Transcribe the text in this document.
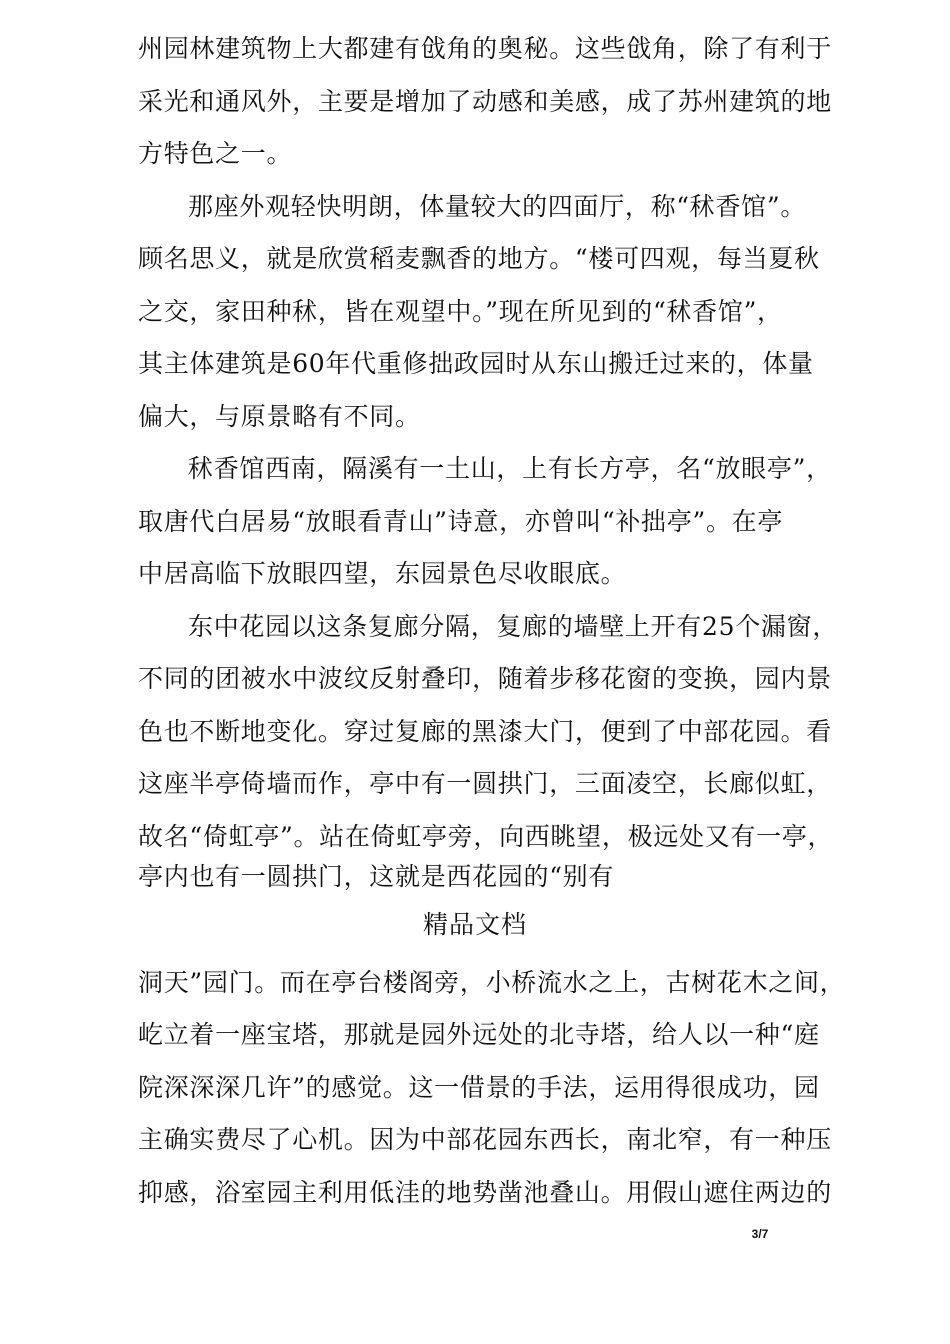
州园林建筑物上大都建有戗角的奥秘。这些戗角，除了有利于
采光和通风外，主要是增加了动感和美感，成了苏州建筑的地
方特色之一。
那座外观轻快明朗，体量较大的四面厅，称“秫香馆”。
顾名思义，就是欣赏稻麦飘香的地方。“楼可四观，每当夏秋
之交，家田种秫，皆在观望中。”现在所见到的“秫香馆”，
其主体建筑是60年代重修拙政园时从东山搬迁过来的，体量
偏大，与原景略有不同。
秫香馆西南，隔溪有一土山，上有长方亭，名“放眼亭”，
取唐代白居易“放眼看青山”诗意，亦曾叫“补拙亭”。在亭
中居高临下放眼四望，东园景色尽收眼底。
东中花园以这条复廊分隔，复廊的墙壁上开有25个漏窗，
不同的团被水中波纹反射叠印，随着步移花窗的变换，园内景
色也不断地变化。穿过复廊的黑漆大门，便到了中部花园。看
这座半亭倚墙而作，亭中有一圆拱门，三面凌空，长廊似虹，
故名“倚虹亭”。站在倚虹亭旁，向西眺望，极远处又有一亭，
亭内也有一圆拱门，这就是西花园的“别有
精品文档
洞天”园门。而在亭台楼阁旁，小桥流水之上，古树花木之间，
屹立着一座宝塔，那就是园外远处的北寺塔，给人以一种“庭
院深深深几许”的感觉。这一借景的手法，运用得很成功，园
主确实费尽了心机。因为中部花园东西长，南北窄，有一种压
抑感，浴室园主利用低洼的地势凿池叠山。用假山遮住两边的
3/7
